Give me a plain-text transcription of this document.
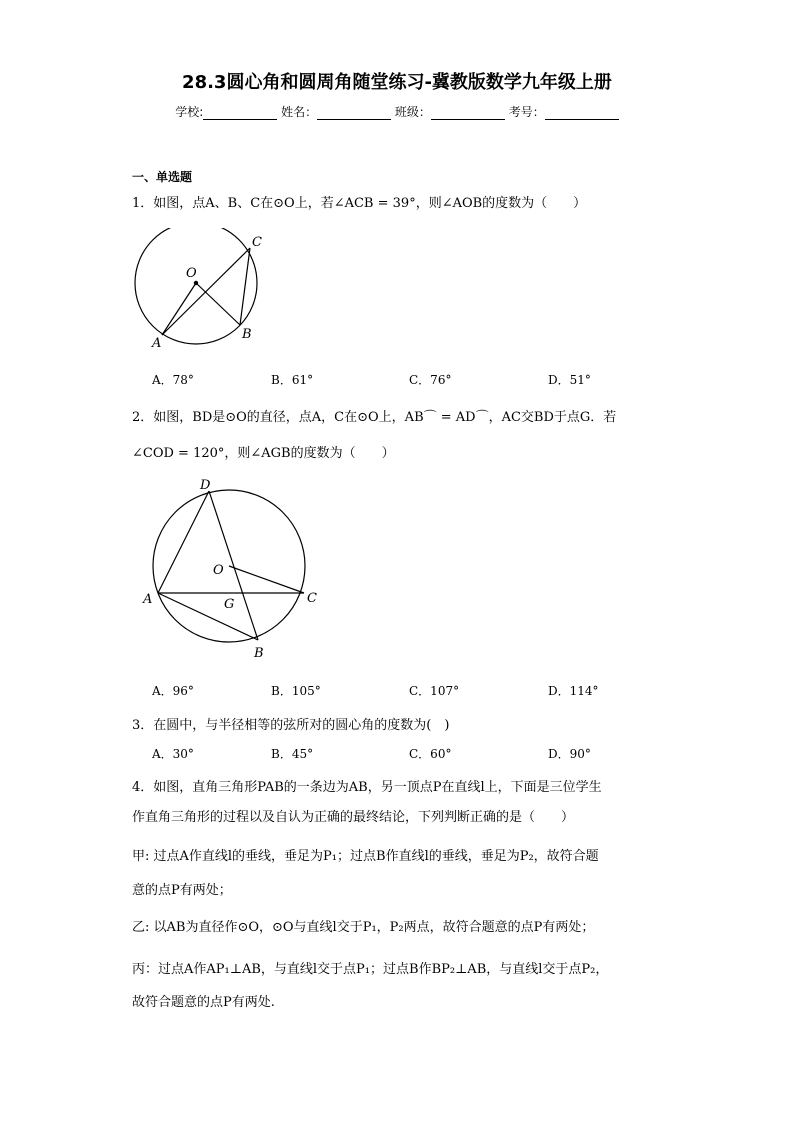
28.3圆心角和圆周角随堂练习-冀教版数学九年级上册
学校:	姓名：	班级：	考号：
一、单选题
1．如图，点A、B、C在⊙O上，若∠ACB = 39°，则∠AOB的度数为（　　）
O
A
B
C
A．78°	B．61°	C．76°	D．51°
2．如图，BD是⊙O的直径，点A，C在⊙O上，AB⌒ = AD⌒，AC交BD于点G．若
∠COD = 120°，则∠AGB的度数为（　　）
D
O
A	G	C
B
A．96°	B．105°	C．107°	D．114°
3．在圆中，与半径相等的弦所对的圆心角的度数为(　)
A．30°	B．45°	C．60°	D．90°
4．如图，直角三角形PAB的一条边为AB，另一顶点P在直线l上，下面是三位学生
作直角三角形的过程以及自认为正确的最终结论，下列判断正确的是（　　）
甲: 过点A作直线l的垂线，垂足为P₁；过点B作直线l的垂线，垂足为P₂，故符合题
意的点P有两处；
乙: 以AB为直径作⊙O，⊙O与直线l交于P₁，P₂两点，故符合题意的点P有两处；
丙：过点A作AP₁⊥AB，与直线l交于点P₁；过点B作BP₂⊥AB，与直线l交于点P₂，
故符合题意的点P有两处.
